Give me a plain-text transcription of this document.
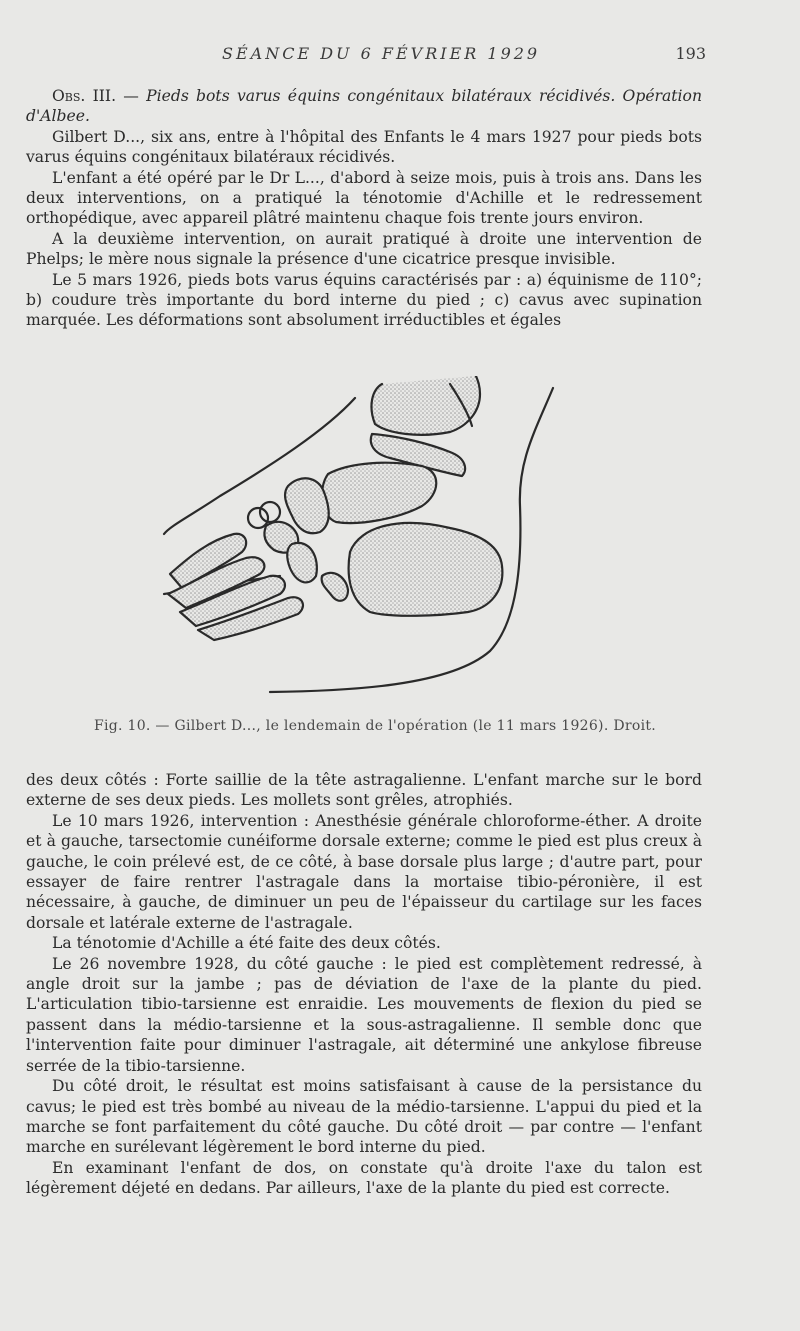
SÉANCE DU 6 FÉVRIER 1929	193

Obs. III. — Pieds bots varus équins congénitaux bilatéraux récidivés. Opération d'Albee.

Gilbert D..., six ans, entre à l'hôpital des Enfants le 4 mars 1927 pour pieds bots varus équins congénitaux bilatéraux récidivés.

L'enfant a été opéré par le Dr L..., d'abord à seize mois, puis à trois ans. Dans les deux interventions, on a pratiqué la ténotomie d'Achille et le redressement orthopédique, avec appareil plâtré maintenu chaque fois trente jours environ.

A la deuxième intervention, on aurait pratiqué à droite une intervention de Phelps; le mère nous signale la présence d'une cicatrice presque invisible.

Le 5 mars 1926, pieds bots varus équins caractérisés par : a) équinisme de 110°; b) coudure très importante du bord interne du pied ; c) cavus avec supination marquée. Les déformations sont absolument irréductibles et égales

Fig. 10. — Gilbert D..., le lendemain de l'opération (le 11 mars 1926). Droit.

des deux côtés : Forte saillie de la tête astragalienne. L'enfant marche sur le bord externe de ses deux pieds. Les mollets sont grêles, atrophiés.

Le 10 mars 1926, intervention : Anesthésie générale chloroforme-éther. A droite et à gauche, tarsectomie cunéiforme dorsale externe; comme le pied est plus creux à gauche, le coin prélevé est, de ce côté, à base dorsale plus large ; d'autre part, pour essayer de faire rentrer l'astragale dans la mortaise tibio-péronière, il est nécessaire, à gauche, de diminuer un peu de l'épaisseur du cartilage sur les faces dorsale et latérale externe de l'astragale.

La ténotomie d'Achille a été faite des deux côtés.

Le 26 novembre 1928, du côté gauche : le pied est complètement redressé, à angle droit sur la jambe ; pas de déviation de l'axe de la plante du pied. L'articulation tibio-tarsienne est enraidie. Les mouvements de flexion du pied se passent dans la médio-tarsienne et la sous-astragalienne. Il semble donc que l'intervention faite pour diminuer l'astragale, ait déterminé une ankylose fibreuse serrée de la tibio-tarsienne.

Du côté droit, le résultat est moins satisfaisant à cause de la persistance du cavus; le pied est très bombé au niveau de la médio-tarsienne. L'appui du pied et la marche se font parfaitement du côté gauche. Du côté droit — par contre — l'enfant marche en surélevant légèrement le bord interne du pied.

En examinant l'enfant de dos, on constate qu'à droite l'axe du talon est légèrement déjeté en dedans. Par ailleurs, l'axe de la plante du pied est correcte.
